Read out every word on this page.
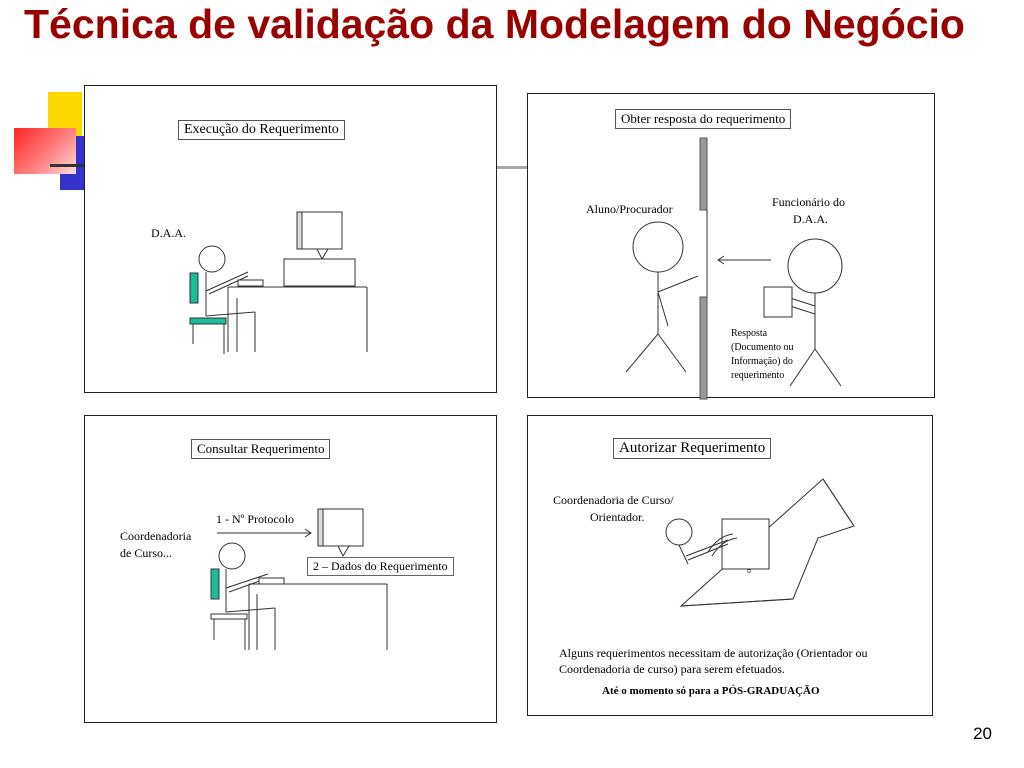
Técnica de validação da Modelagem do Negócio
Execução do Requerimento
D.A.A.
Obter resposta do requerimento
Aluno/Procurador	Funcionário do
D.A.A.
Resposta
(Documento ou
Informação) do
requerimento
Consultar Requerimento
Coordenadoria
de Curso...
1 - Nº Protocolo
2 – Dados do Requerimento
Autorizar Requerimento
Coordenadoria de Curso/
Orientador.
Alguns requerimentos necessitam de autorização (Orientador ou
Coordenadoria de curso) para serem efetuados.
Até o momento só para a PÓS-GRADUAÇÃO
20
